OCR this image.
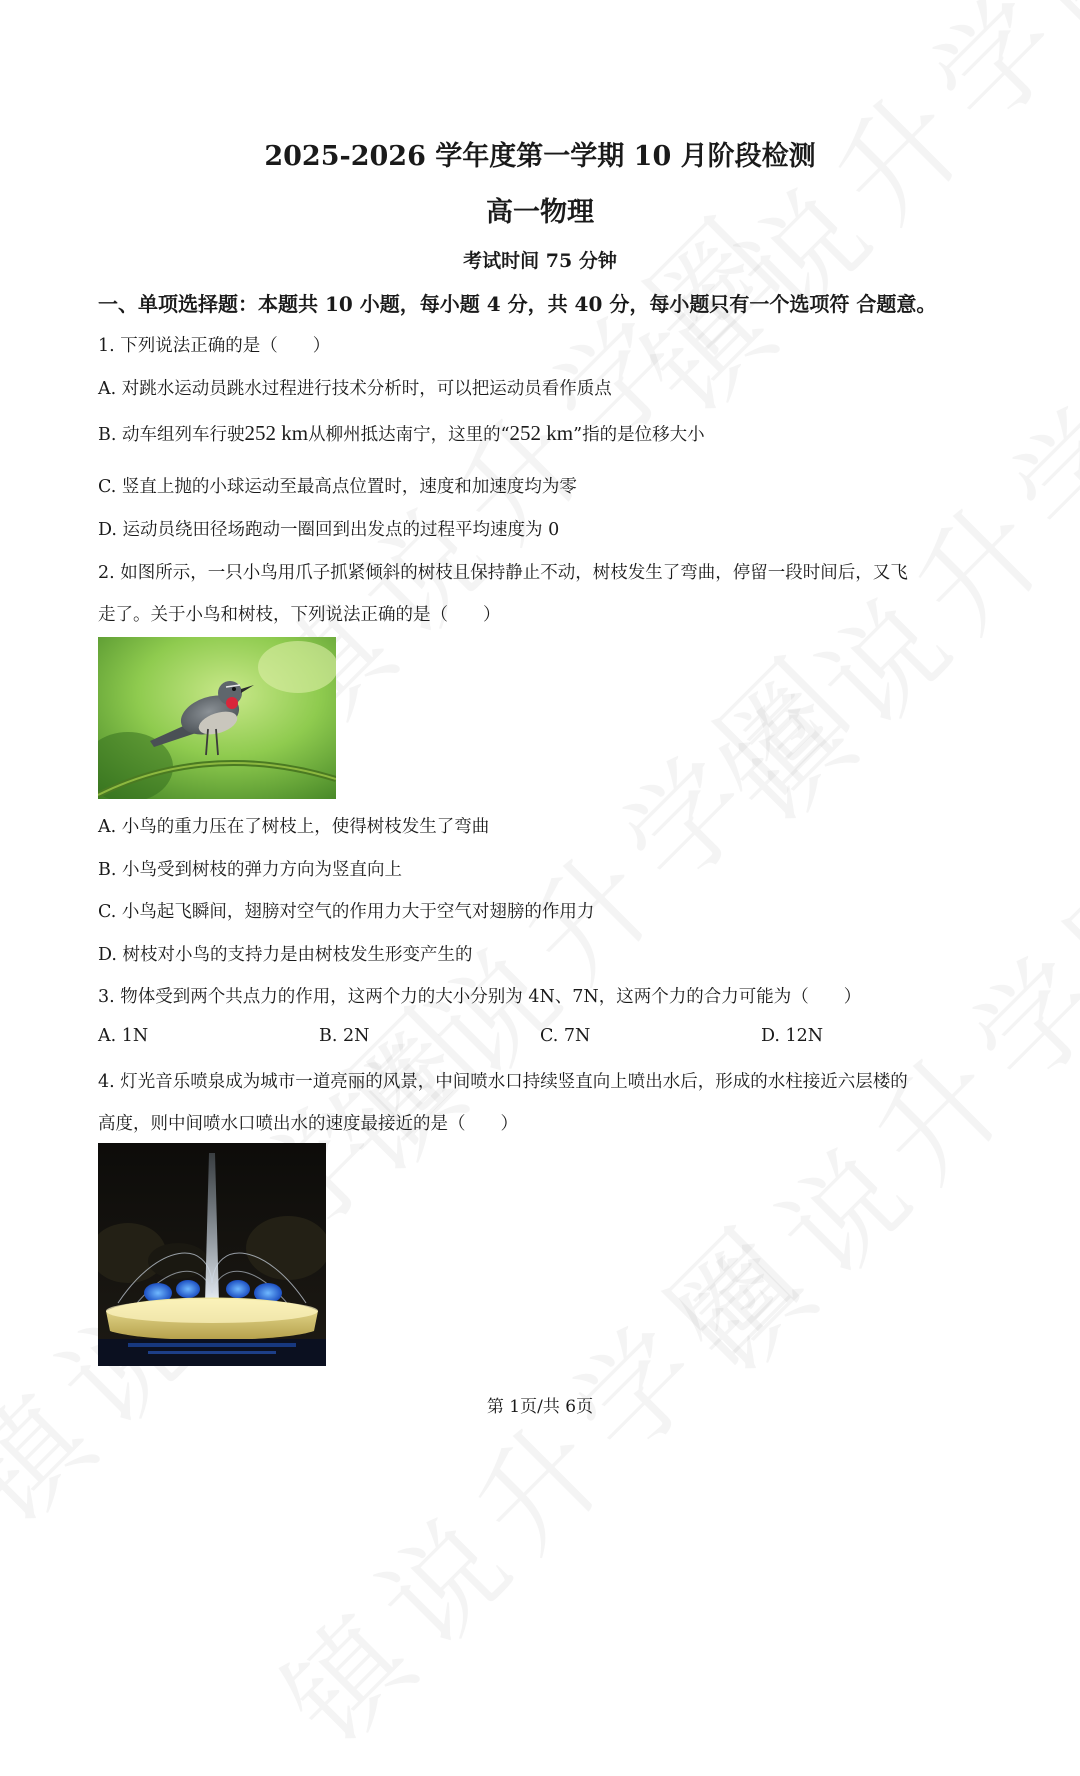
2025-2026 学年度第一学期 10 月阶段检测
高一物理
考试时间 75 分钟
一、单项选择题：本题共 10 小题，每小题 4 分，共 40 分，每小题只有一个选项符 合题意。
1. 下列说法正确的是（　　）
A. 对跳水运动员跳水过程进行技术分析时，可以把运动员看作质点
B. 动车组列车行驶252 km从柳州抵达南宁，这里的“252 km”指的是位移大小
C. 竖直上抛的小球运动至最高点位置时，速度和加速度均为零
D. 运动员绕田径场跑动一圈回到出发点的过程平均速度为 0
2. 如图所示，一只小鸟用爪子抓紧倾斜的树枝且保持静止不动，树枝发生了弯曲，停留一段时间后，又飞
走了。关于小鸟和树枝，下列说法正确的是（　　）
A. 小鸟的重力压在了树枝上，使得树枝发生了弯曲
B. 小鸟受到树枝的弹力方向为竖直向上
C. 小鸟起飞瞬间，翅膀对空气的作用力大于空气对翅膀的作用力
D. 树枝对小鸟的支持力是由树枝发生形变产生的
3. 物体受到两个共点力的作用，这两个力的大小分别为 4N、7N，这两个力的合力可能为（　　）
A. 1N	B. 2N	C. 7N	D. 12N
4. 灯光音乐喷泉成为城市一道亮丽的风景，中间喷水口持续竖直向上喷出水后，形成的水柱接近六层楼的
高度，则中间喷水口喷出水的速度最接近的是（　　）
第 1页/共 6页
